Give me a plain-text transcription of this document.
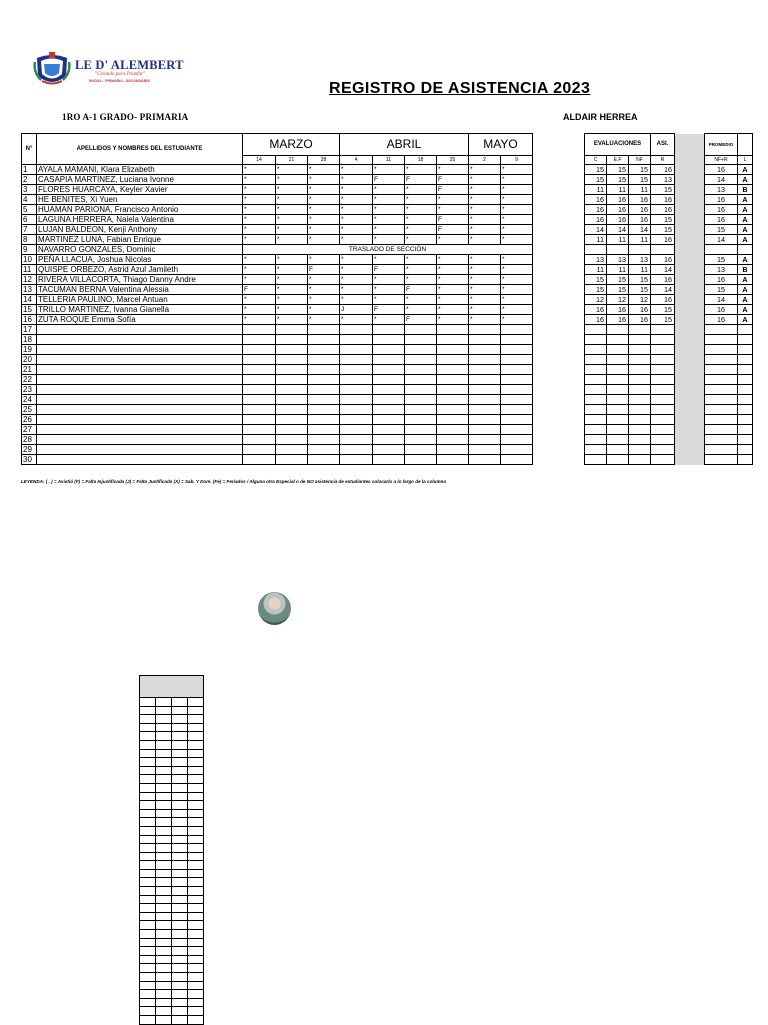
LE D' ALEMBERT
"Creando para Triunfar"
INICIAL - PRIMARIA - SECUNDARIA	REGISTRO DE ASISTENCIA 2023
1RO A-1 GRADO- PRIMARIA	ALDAIR HERREA
N°	APELLIDOS Y NOMBRES DEL ESTUDIANTE	MARZO			ABRIL				MAYO				EVALUACIONES			ASI.		PROMEDIO	
		14	21	28	4	11	18	25	2	9			C	E.F	NF	R		NF+R	L
1	AYALA MAMANI, Klara Elizabeth	*	*	*	*	*	*	*	*	*			15	15	15	16		16	A
2	CASAPIA MARTINEZ, Luciana Ivonne	*	*	*	*	F	F	F	*	*			15	15	15	13		14	A
3	FLORES HUARCAYA, Keyler Xavier	*	*	*	*	*	*	F	*	*			11	11	11	15		13	B
4	HE BENITES, Xi Yuen	*	*	*	*	*	*	*	*	*			16	16	16	16		16	A
5	HUAMAN PARIONA, Francisco Antonio	*	*	*	*	*	*	*	*	*			16	16	16	16		16	A
6	LAGUNA HERRERA, Naiela Valentina	*	*	*	*	*	*	F	*	*			16	16	16	15		16	A
7	LUJAN BALDEON, Kenji Anthony	*	*	*	*	*	*	F	*	*			14	14	14	15		15	A
8	MARTINEZ LUNA, Fabian Enrique	*	*	*	*	*	*	*	*	*			11	11	11	16		14	A
9	NAVARRO GONZALES, Dominic	TRASLADO DE SECCIÓN																	
10	PEÑA LLACUA, Joshua Nicolas	*	*	*	*	*	*	*	*	*			13	13	13	16		15	A
11	QUISPE ORBEZO, Astrid Azul Jamileth	*	*	F	*	F	*	*	*	*			11	11	11	14		13	B
12	RIVERA VILLACORTA, Thiago Danny Andre	*	*	*	*	*	*	*	*	*			15	15	15	16		16	A
13	TACUMAN BERNA Valentina Alessia	F	*	*	*	*	F	*	*	*			15	15	15	14		15	A
14	TELLERIA PAULINO, Marcel Antuan	*	*	*	*	*	*	*	*	*			12	12	12	16		14	A
15	TRILLO MARTINEZ, Ivanna Gianella	*	*	*	J	F	*	*	*	*			16	16	16	15		16	A
16	ZUTA ROQUE Emma Sofía	*	*	*	*	*	F	*	*	*			16	16	16	15		16	A
17																			
18																			
19																			
20																			
21																			
22																			
23																			
24																			
25																			
26																			
27																			
28																			
29																			
30																			
LEYENDA: ( . ) = Asistió (F) = Falta Injustificada (J) = Falta Justificada (X) = Sab. Y Dom. (Fe) = Feriados / Alguna otra Especial o de NO asistencia de estudiantes colocarlo a lo largo de la columna
